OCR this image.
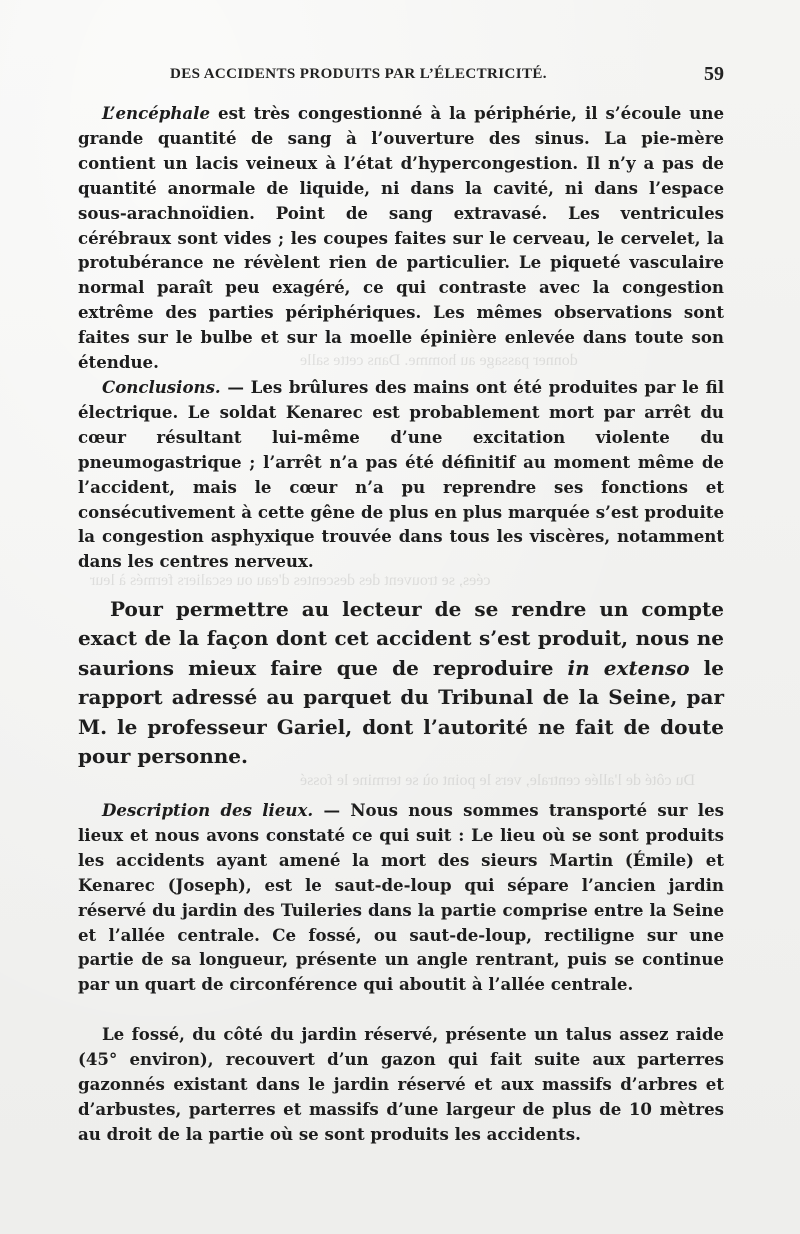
donner passage au homme. Dans cette salle
cées, se trouvent des descentes d'eau ou escaliers fermés à leur
Du côté de l'allée centrale, vers le point où se termine le fossé
DES ACCIDENTS PRODUITS PAR L’ÉLECTRICITÉ.	59

L’encéphale est très congestionné à la périphérie, il s’écoule une grande quantité de sang à l’ouverture des sinus. La pie-mère contient un lacis veineux à l’état d’hypercongestion. Il n’y a pas de quantité anormale de liquide, ni dans la cavité, ni dans l’espace sous-arachnoïdien. Point de sang extravasé. Les ventricules cérébraux sont vides ; les coupes faites sur le cerveau, le cervelet, la protubérance ne révèlent rien de particulier. Le piqueté vasculaire normal paraît peu exagéré, ce qui contraste avec la congestion extrême des parties périphériques. Les mêmes observations sont faites sur le bulbe et sur la moelle épinière enlevée dans toute son étendue.

Conclusions. — Les brûlures des mains ont été produites par le fil électrique. Le soldat Kenarec est probablement mort par arrêt du cœur résultant lui-même d’une excitation violente du pneumogastrique ; l’arrêt n’a pas été définitif au moment même de l’accident, mais le cœur n’a pu reprendre ses fonctions et consécutivement à cette gêne de plus en plus marquée s’est produite la congestion asphyxique trouvée dans tous les viscères, notamment dans les centres nerveux.

Pour permettre au lecteur de se rendre un compte exact de la façon dont cet accident s’est produit, nous ne saurions mieux faire que de reproduire in extenso le rapport adressé au parquet du Tribunal de la Seine, par M. le professeur Gariel, dont l’autorité ne fait de doute pour personne.

Description des lieux. — Nous nous sommes transporté sur les lieux et nous avons constaté ce qui suit : Le lieu où se sont produits les accidents ayant amené la mort des sieurs Martin (Émile) et Kenarec (Joseph), est le saut-de-loup qui sépare l’ancien jardin réservé du jardin des Tuileries dans la partie comprise entre la Seine et l’allée centrale. Ce fossé, ou saut-de-loup, rectiligne sur une partie de sa longueur, présente un angle rentrant, puis se continue par un quart de circonférence qui aboutit à l’allée centrale.

Le fossé, du côté du jardin réservé, présente un talus assez raide (45° environ), recouvert d’un gazon qui fait suite aux parterres gazonnés existant dans le jardin réservé et aux massifs d’arbres et d’arbustes, parterres et massifs d’une largeur de plus de 10 mètres au droit de la partie où se sont produits les accidents.
